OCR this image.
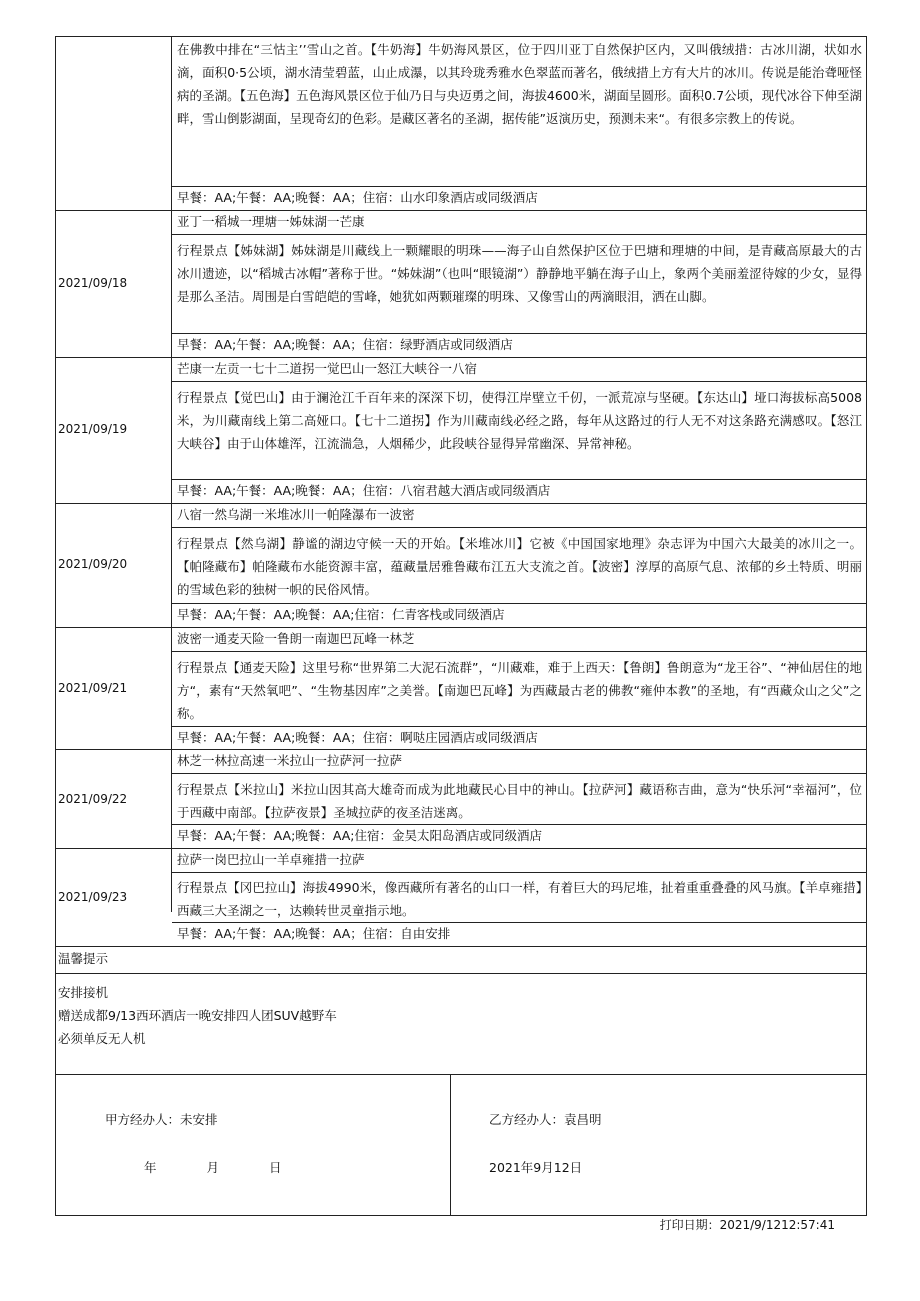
在佛教中排在“三怙主’’雪山之首。【牛奶海】牛奶海风景区，位于四川亚丁自然保护区内，又叫俄绒措：古冰川湖，状如水滴，面积0·5公顷，湖水清莹碧蓝，山止成瀑，以其玲珑秀雅水色翠蓝而著名，俄绒措上方有大片的冰川。传说是能治聋哑怪病的圣湖。【五色海】五色海风景区位于仙乃日与央迈勇之间，海拔4600米，湖面呈圆形。面积0.7公顷，现代冰谷下伸至湖畔，雪山倒影湖面，呈现奇幻的色彩。是藏区著名的圣湖，据传能”返演历史，预测未来“。有很多宗教上的传说。
早餐：AA;午餐：AA;晚餐：AA；住宿：山水印象酒店或同级酒店
亚丁一稻城一理塘一姊妹湖一芒康
行程景点【姊妹湖】姊妹湖是川藏线上一颗耀眼的明珠——海子山自然保护区位于巴塘和理塘的中间，是青藏高原最大的古冰川遗迹，以“稻城古冰帽”著称于世。“姊妹湖”（也叫“眼镜湖”）静静地平躺在海子山上，象两个美丽羞涩待嫁的少女，显得是那么圣洁。周围是白雪皑皑的雪峰，她犹如两颗璀璨的明珠、又像雪山的两滴眼泪，洒在山脚。
早餐：AA;午餐：AA;晚餐：AA；住宿：绿野酒店或同级酒店
2021/09/18
芒康一左贡一七十二道拐一觉巴山一怒江大峡谷一八宿
行程景点【觉巴山】由于澜沧江千百年来的深深下切，使得江岸壁立千仞，一派荒凉与坚硬。【东达山】垭口海拔标高5008米，为川藏南线上第二高娅口。【七十二道拐】作为川藏南线必经之路，每年从这路过的行人无不对这条路充满感叹。【怒江大峡谷】由于山体雄浑，江流湍急，人烟稀少，此段峡谷显得异常幽深、异常神秘。
早餐：AA;午餐：AA;晚餐：AA；住宿：八宿君越大酒店或同级酒店
2021/09/19
八宿一然乌湖一米堆冰川一帕隆瀑布一波密
行程景点【然乌湖】静谧的湖边守候一天的开始。【米堆冰川】它被《中国国家地理》杂志评为中国六大最美的冰川之一。【帕隆藏布】帕隆藏布水能资源丰富，蕴藏量居雅鲁藏布江五大支流之首。【波密】淳厚的高原气息、浓郁的乡土特质、明丽的雪域色彩的独树一帜的民俗风情。
早餐：AA;午餐：AA;晚餐：AA;住宿：仁青客栈或同级酒店
2021/09/20
波密一通麦天险一鲁朗一南迦巴瓦峰一林芝
行程景点【通麦天险】这里号称“世界第二大泥石流群”，“川藏难，难于上西天：【鲁朗】鲁朗意为“龙王谷”、“神仙居住的地方“，素有“天然氧吧”、“生物基因库”之美誉。【南迦巴瓦峰】为西藏最古老的佛教“雍仲本教”的圣地，有“西藏众山之父”之称。
早餐：AA;午餐：AA;晚餐：AA；住宿：啊哒庄园酒店或同级酒店
2021/09/21
林芝一林拉高速一米拉山一拉萨河一拉萨
行程景点【米拉山】米拉山因其高大雄奇而成为此地藏民心目中的神山。【拉萨河】藏语称吉曲，意为“快乐河“幸福河”，位于西藏中南部。【拉萨夜景】圣城拉萨的夜圣洁迷离。
早餐：AA;午餐：AA;晚餐：AA;住宿：金昊太阳岛酒店或同级酒店
2021/09/22
拉萨一岗巴拉山一羊卓雍措一拉萨
行程景点【冈巴拉山】海拔4990米，像西藏所有著名的山口一样，有着巨大的玛尼堆，扯着重重叠叠的风马旗。【羊卓雍措】西藏三大圣湖之一，达赖转世灵童指示地。
早餐：AA;午餐：AA;晚餐：AA；住宿：自由安排
2021/09/23
温馨提示
安排接机
赠送成都9/13西环酒店一晚安排四人团SUV越野车
必须单反无人机
甲方经办人：未安排
年　　　　月　　　　日
乙方经办人：袁昌明
2021年9月12日
打印日期：2021/9/1212:57:41
